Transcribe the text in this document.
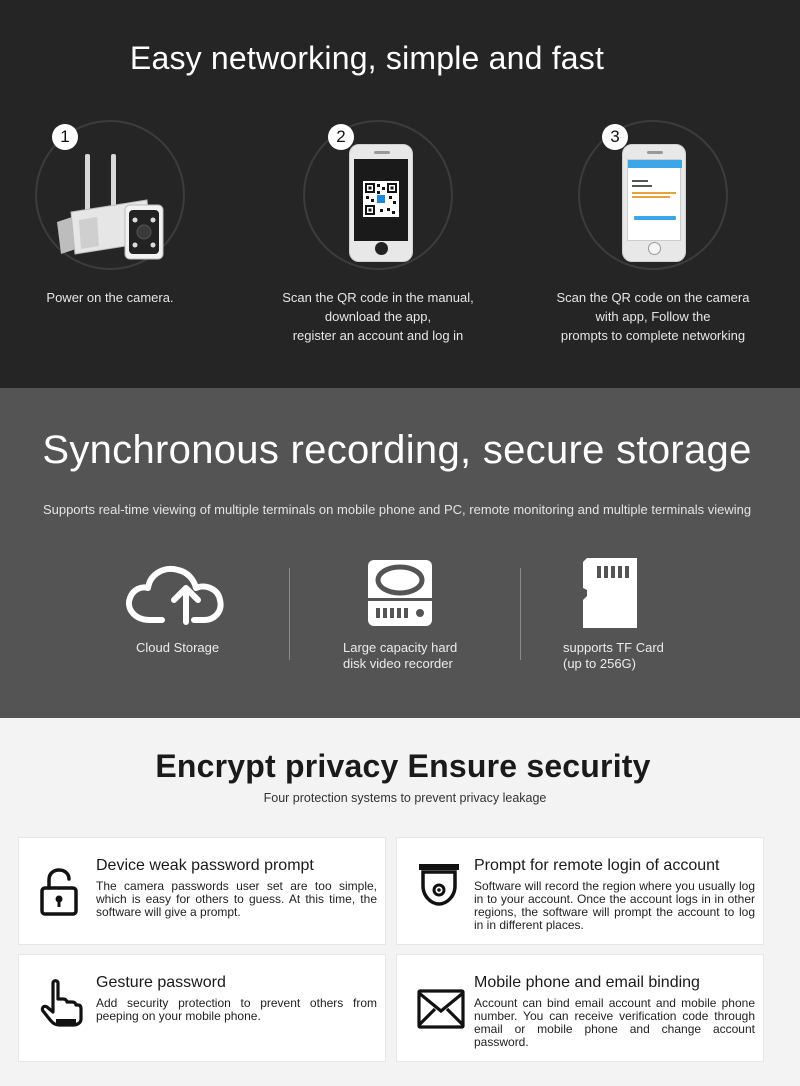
Easy networking, simple and fast
1
Power on the camera.
2
Scan the QR code in the manual,
download the app,
register an account and log in
3
Scan the QR code on the camera
with app, Follow the
prompts to complete networking
Synchronous recording, secure storage

Supports real-time viewing of multiple terminals on mobile phone and PC, remote monitoring and multiple terminals viewing

Cloud Storage	Large capacity hard
disk video recorder
supports TF Card
(up to 256G)
Encrypt privacy Ensure security

Four protection systems to prevent privacy leakage

Device weak password prompt
The camera passwords user set are too simple, which is easy for others to guess. At this time, the software will give a prompt.
Prompt for remote login of account
Software will record the region where you usually log in to your account. Once the account logs in in other regions, the software will prompt the account to log in in different places.
Gesture password
Add security protection to prevent others from peeping on your mobile phone.
Mobile phone and email binding
Account can bind email account and mobile phone number. You can receive verification code through email or mobile phone and change account password.
